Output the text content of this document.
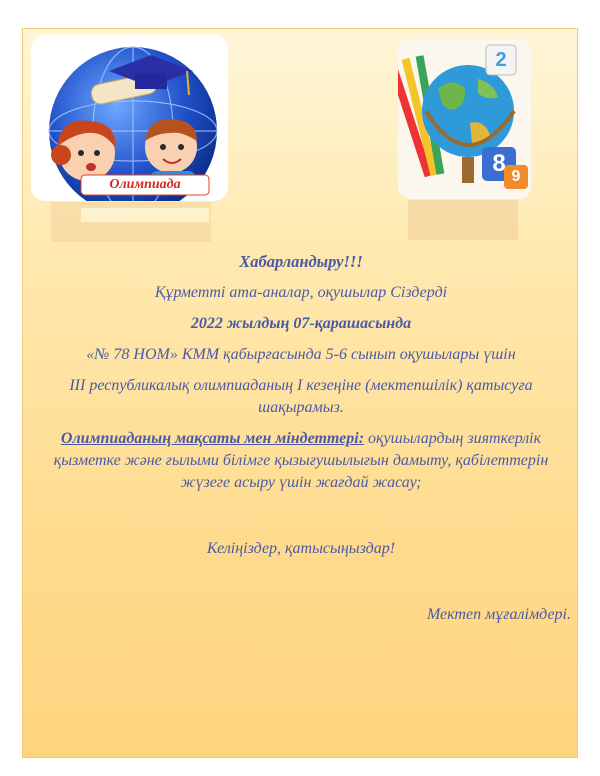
Олимпиада
2
8 9

Хабарландыру!!!

Құрметті ата-аналар, оқушылар Сіздерді

2022 жылдың 07-қарашасында

«№ 78 НОМ» КММ қабырғасында 5-6 сынып оқушылары үшін

ІІІ республикалық олимпиаданың І кезеңіне (мектепшілік) қатысуға шақырамыз.

Олимпиаданың мақсаты мен міндеттері: оқушылардың зияткерлік қызметке және ғылыми білімге қызығушылығын дамыту, қабілеттерін жүзеге асыру үшін жағдай жасау;

Келіңіздер, қатысыңыздар!

Мектеп мұғалімдері.
